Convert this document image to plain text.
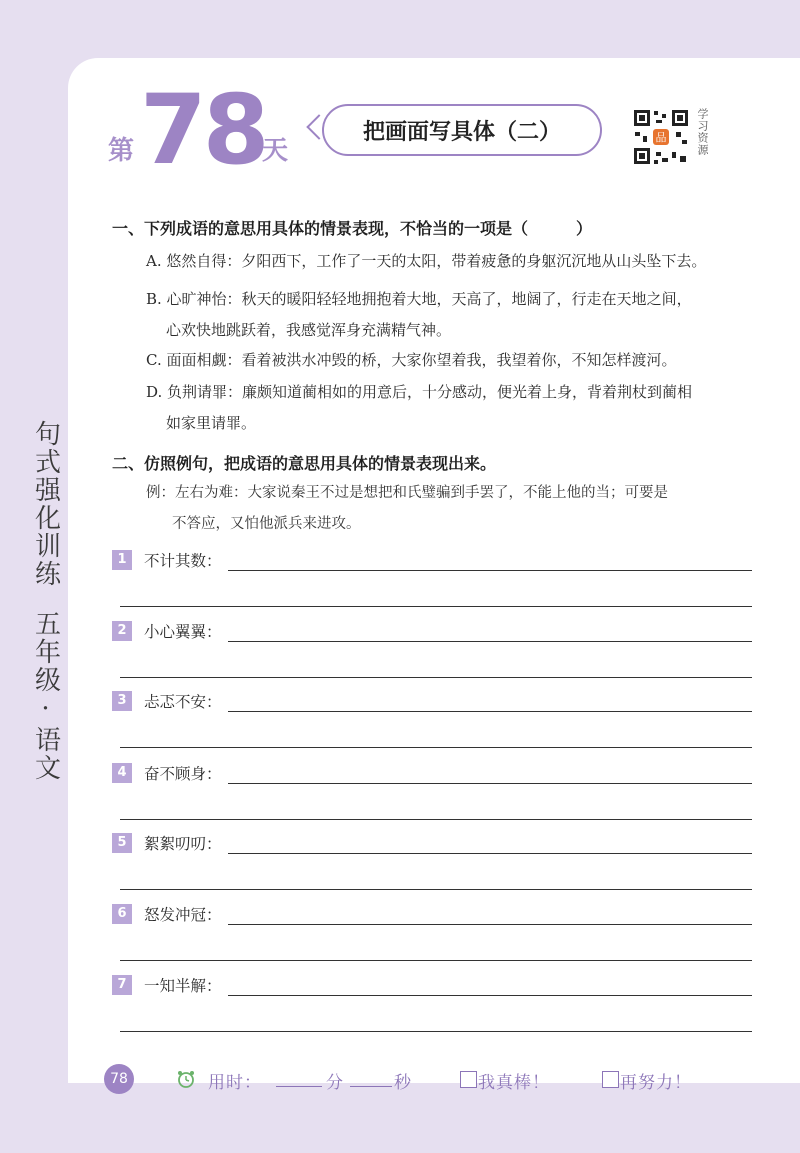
句式强化训练
五年级·语文
第 78
天
把画面写具体（二）	品	学习资源
一、下列成语的意思用具体的情景表现，不恰当的一项是（	）
A. 悠然自得：夕阳西下，工作了一天的太阳，带着疲惫的身躯沉沉地从山头坠下去。
B. 心旷神怡：秋天的暖阳轻轻地拥抱着大地，天高了，地阔了，行走在天地之间，
心欢快地跳跃着，我感觉浑身充满精气神。
C. 面面相觑：看着被洪水冲毁的桥，大家你望着我，我望着你，不知怎样渡河。
D. 负荆请罪：廉颇知道蔺相如的用意后，十分感动，便光着上身，背着荆杖到蔺相
如家里请罪。
二、仿照例句，把成语的意思用具体的情景表现出来。
例：左右为难：大家说秦王不过是想把和氏璧骗到手罢了，不能上他的当；可要是
不答应，又怕他派兵来进攻。
1	不计其数：
2	小心翼翼：
3	忐忑不安：
4	奋不顾身：
5	絮絮叨叨：
6	怒发冲冠：
7	一知半解：
78	用时：	分	秒	我真棒！	再努力！
